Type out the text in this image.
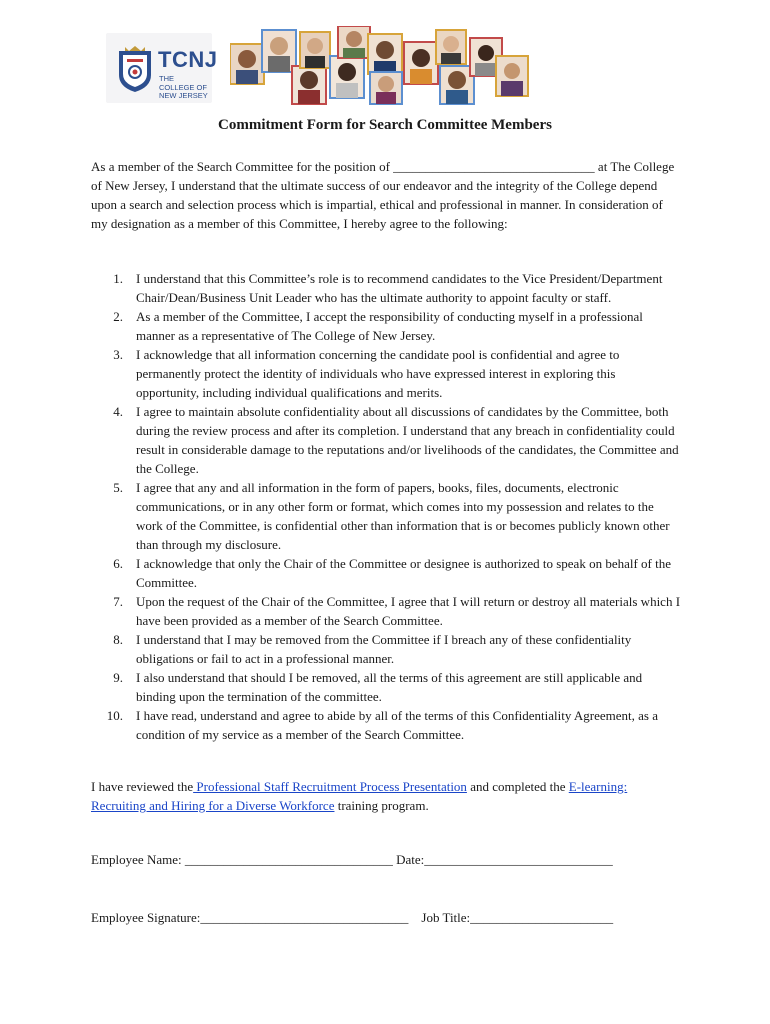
TCNJ
THE COLLEGE OF NEW JERSEY
Commitment Form for Search Committee Members

As a member of the Search Committee for the position of _______________________________ at The College of New Jersey, I understand that the ultimate success of our endeavor and the integrity of the College depend upon a search and selection process which is impartial, ethical and professional in manner. In consideration of my designation as a member of this Committee, I hereby agree to the following:

1. I understand that this Committee’s role is to recommend candidates to the Vice President/Department Chair/Dean/Business Unit Leader who has the ultimate authority to appoint faculty or staff.
2. As a member of the Committee, I accept the responsibility of conducting myself in a professional manner as a representative of The College of New Jersey.
3. I acknowledge that all information concerning the candidate pool is confidential and agree to permanently protect the identity of individuals who have expressed interest in exploring this opportunity, including individual qualifications and merits.
4. I agree to maintain absolute confidentiality about all discussions of candidates by the Committee, both during the review process and after its completion. I understand that any breach in confidentiality could result in considerable damage to the reputations and/or livelihoods of the candidates, the Committee and the College.
5. I agree that any and all information in the form of papers, books, files, documents, electronic communications, or in any other form or format, which comes into my possession and relates to the work of the Committee, is confidential other than information that is or becomes publicly known other than through my disclosure.
6. I acknowledge that only the Chair of the Committee or designee is authorized to speak on behalf of the Committee.
7. Upon the request of the Chair of the Committee, I agree that I will return or destroy all materials which I have been provided as a member of the Search Committee.
8. I understand that I may be removed from the Committee if I breach any of these confidentiality obligations or fail to act in a professional manner.
9. I also understand that should I be removed, all the terms of this agreement are still applicable and binding upon the termination of the committee.
10. I have read, understand and agree to abide by all of the terms of this Confidentiality Agreement, as a condition of my service as a member of the Search Committee.

I have reviewed the Professional Staff Recruitment Process Presentation and completed the E-learning: Recruiting and Hiring for a Diverse Workforce training program.

Employee Name: ________________________________ Date:_____________________________
Employee Signature:________________________________    Job Title:______________________
